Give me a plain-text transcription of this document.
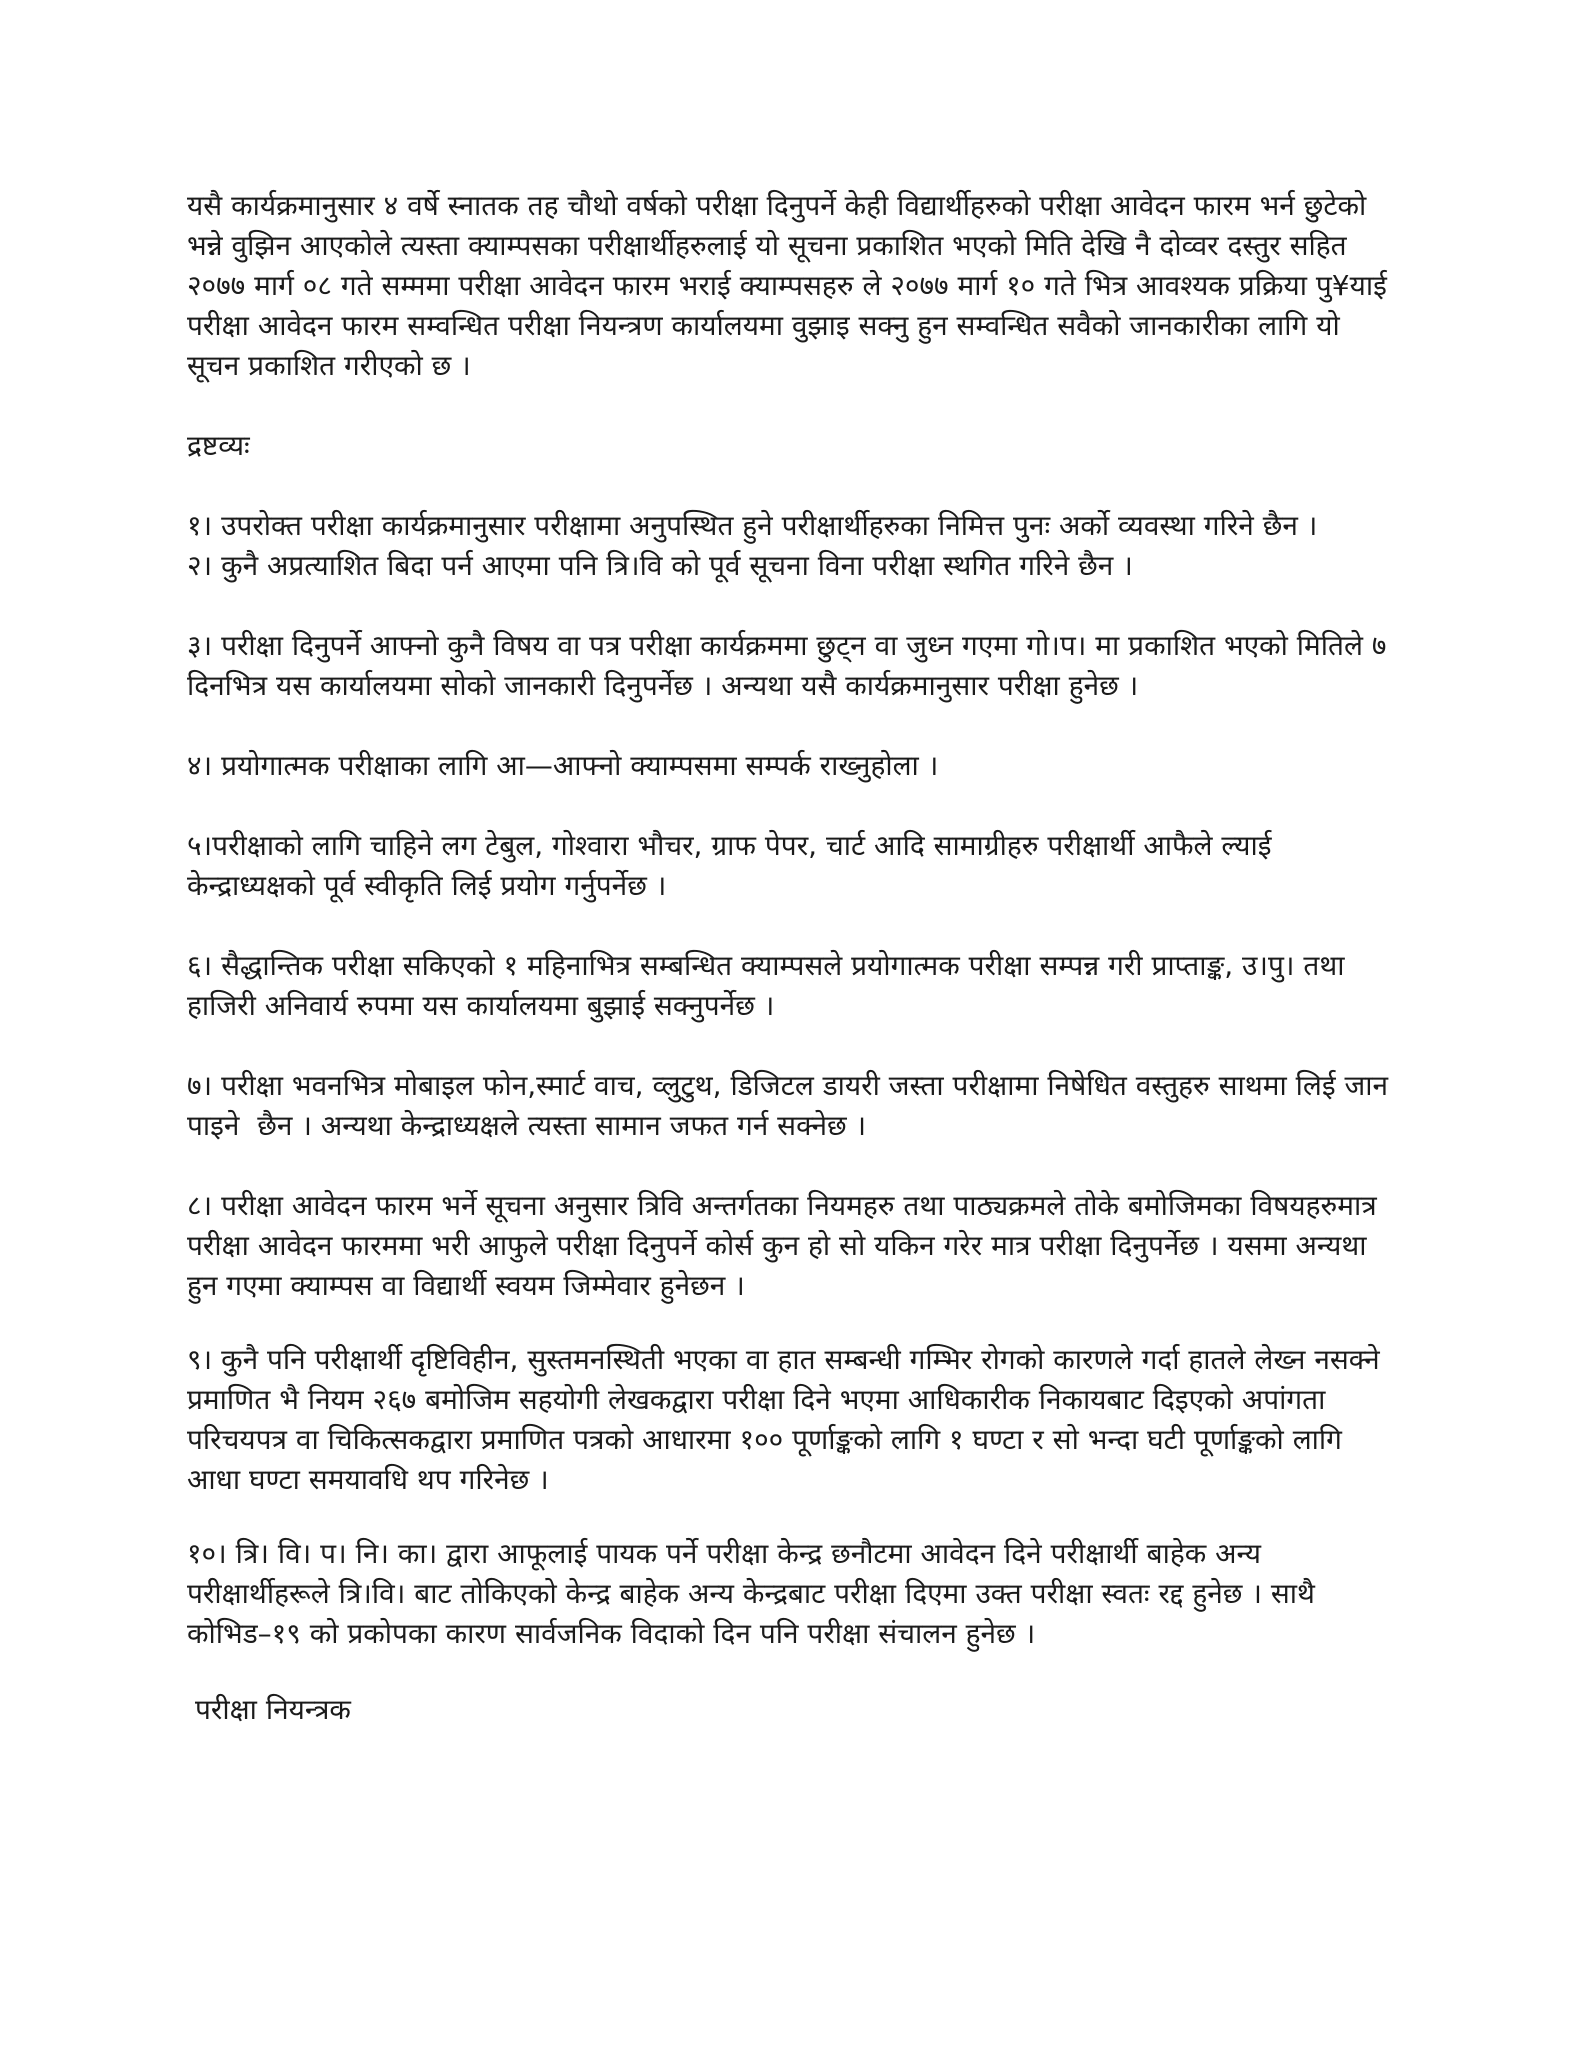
यसै कार्यक्रमानुसार ४ वर्षे स्नातक तह चौथो वर्षको परीक्षा दिनुपर्ने केही विद्यार्थीहरुको परीक्षा आवेदन फारम भर्न छुटेको भन्ने वुझिन आएकोले त्यस्ता क्याम्पसका परीक्षार्थीहरुलाई यो सूचना प्रकाशित भएको मिति देखि नै दोव्वर दस्तुर सहित २०७७ मार्ग ०८ गते सम्ममा परीक्षा आवेदन फारम भराई क्याम्पसहरु ले २०७७ मार्ग १० गते भित्र आवश्यक प्रक्रिया पु¥याई परीक्षा आवेदन फारम सम्वन्धित परीक्षा नियन्त्रण कार्यालयमा वुझाइ सक्नु हुन सम्वन्धित सवैको जानकारीका लागि यो सूचन प्रकाशित गरीएको छ ।

द्रष्टव्यः

१। उपरोक्त परीक्षा कार्यक्रमानुसार परीक्षामा अनुपस्थित हुने परीक्षार्थीहरुका निमित्त पुनः अर्को व्यवस्था गरिने छैन ।

२। कुनै अप्रत्याशित बिदा पर्न आएमा पनि त्रि।वि को पूर्व सूचना विना परीक्षा स्थगित गरिने छैन ।

३। परीक्षा दिनुपर्ने आफ्नो कुनै विषय वा पत्र परीक्षा कार्यक्रममा छुट्न वा जुध्न गएमा गो।प। मा प्रकाशित भएको मितिले ७ दिनभित्र यस कार्यालयमा सोको जानकारी दिनुपर्नेछ । अन्यथा यसै कार्यक्रमानुसार परीक्षा हुनेछ ।

४। प्रयोगात्मक परीक्षाका लागि आ—आफ्नो क्याम्पसमा सम्पर्क राख्नुहोला ।

५।परीक्षाको लागि चाहिने लग टेबुल, गोश्वारा भौचर, ग्राफ पेपर, चार्ट आदि सामाग्रीहरु परीक्षार्थी आफैले ल्याई केन्द्राध्यक्षको पूर्व स्वीकृति लिई प्रयोग गर्नुपर्नेछ ।

६। सैद्धान्तिक परीक्षा सकिएको १ महिनाभित्र सम्बन्धित क्याम्पसले प्रयोगात्मक परीक्षा सम्पन्न गरी प्राप्ताङ्क, उ।पु। तथा हाजिरी अनिवार्य रुपमा यस कार्यालयमा बुझाई सक्नुपर्नेछ ।

७। परीक्षा भवनभित्र मोबाइल फोन,स्मार्ट वाच, व्लुटुथ, डिजिटल डायरी जस्ता परीक्षामा निषेधित वस्तुहरु साथमा लिई जान पाइने  छैन । अन्यथा केन्द्राध्यक्षले त्यस्ता सामान जफत गर्न सक्नेछ ।

८। परीक्षा आवेदन फारम भर्ने सूचना अनुसार त्रिवि अन्तर्गतका नियमहरु तथा पाठ्यक्रमले तोके बमोजिमका विषयहरुमात्र परीक्षा आवेदन फारममा भरी आफुले परीक्षा दिनुपर्ने कोर्स कुन हो सो यकिन गरेर मात्र परीक्षा दिनुपर्नेछ । यसमा अन्यथा हुन गएमा क्याम्पस वा विद्यार्थी स्वयम जिम्मेवार हुनेछन ।

९। कुनै पनि परीक्षार्थी दृष्टिविहीन, सुस्तमनस्थिती भएका वा हात सम्बन्धी गम्भिर रोगको कारणले गर्दा हातले लेख्न नसक्ने प्रमाणित भै नियम २६७ बमोजिम सहयोगी लेखकद्वारा परीक्षा दिने भएमा आधिकारीक निकायबाट दिइएको अपांगता परिचयपत्र वा चिकित्सकद्वारा प्रमाणित पत्रको आधारमा १०० पूर्णाङ्कको लागि १ घण्टा र सो भन्दा घटी पूर्णाङ्कको लागि आधा घण्टा समयावधि थप गरिनेछ ।

१०। त्रि। वि। प। नि। का। द्वारा आफूलाई पायक पर्ने परीक्षा केन्द्र छनौटमा आवेदन दिने परीक्षार्थी बाहेक अन्य परीक्षार्थीहरूले त्रि।वि। बाट तोकिएको केन्द्र बाहेक अन्य केन्द्रबाट परीक्षा दिएमा उक्त परीक्षा स्वतः रद्द हुनेछ । साथै कोभिड–१९ को प्रकोपका कारण सार्वजनिक विदाको दिन पनि परीक्षा संचालन हुनेछ ।

परीक्षा नियन्त्रक
